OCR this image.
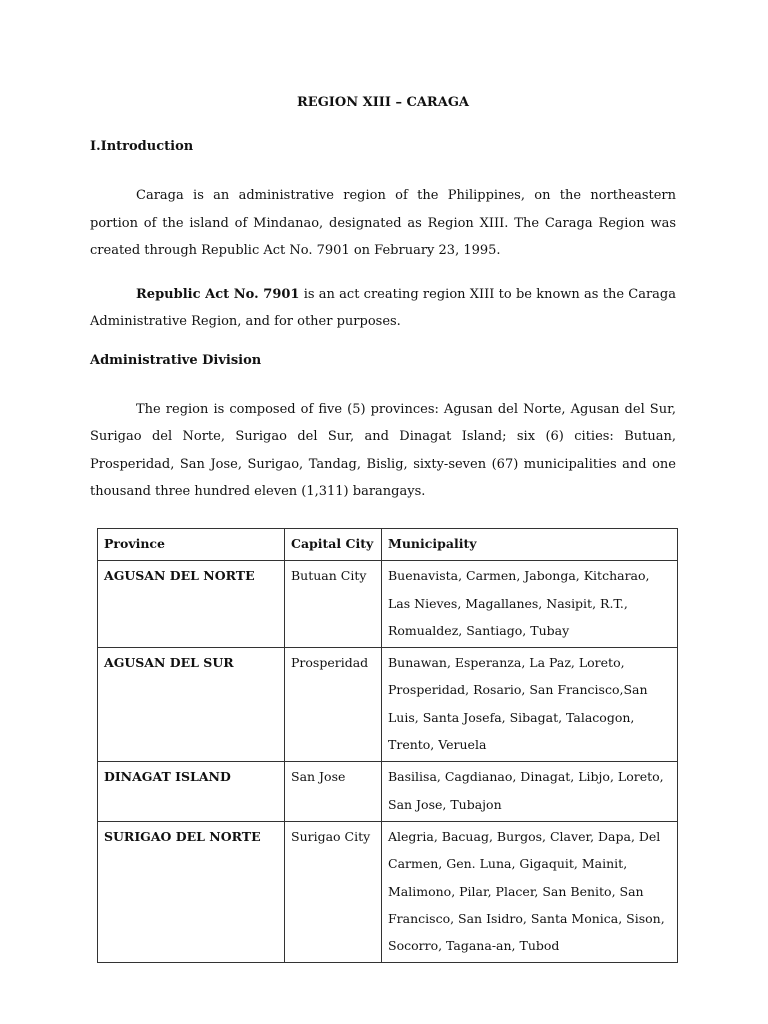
REGION XIII – CARAGA
I.Introduction

Caraga is an administrative region of the Philippines, on the northeastern portion of the island of Mindanao, designated as Region XIII. The Caraga Region was created through Republic Act No. 7901 on February 23, 1995.

Republic Act No. 7901 is an act creating region XIII to be known as the Caraga Administrative Region, and for other purposes.

Administrative Division

The region is composed of five (5) provinces: Agusan del Norte, Agusan del Sur, Surigao del Norte, Surigao del Sur, and Dinagat Island; six (6) cities: Butuan, Prosperidad, San Jose, Surigao, Tandag, Bislig, sixty-seven (67) municipalities and one thousand three hundred eleven (1,311) barangays.

Province	Capital City	Municipality
AGUSAN DEL NORTE	Butuan City	Buenavista, Carmen, Jabonga, Kitcharao, Las Nieves, Magallanes, Nasipit, R.T., Romualdez, Santiago, Tubay
AGUSAN DEL SUR	Prosperidad	Bunawan, Esperanza, La Paz, Loreto, Prosperidad, Rosario, San Francisco,San Luis, Santa Josefa, Sibagat, Talacogon, Trento, Veruela
DINAGAT ISLAND	San Jose	Basilisa, Cagdianao, Dinagat, Libjo, Loreto, San Jose, Tubajon
SURIGAO DEL NORTE	Surigao City	Alegria, Bacuag, Burgos, Claver, Dapa, Del Carmen, Gen. Luna, Gigaquit, Mainit, Malimono, Pilar, Placer, San Benito, San Francisco, San Isidro, Santa Monica, Sison, Socorro, Tagana-an, Tubod
